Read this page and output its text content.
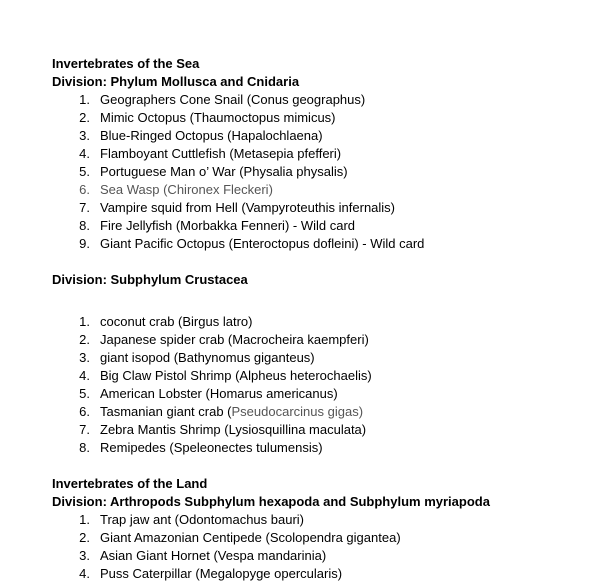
Invertebrates of the Sea
Division: Phylum Mollusca and Cnidaria
1. Geographers Cone Snail (Conus geographus)
2. Mimic Octopus (Thaumoctopus mimicus)
3. Blue-Ringed Octopus (Hapalochlaena)
4. Flamboyant Cuttlefish (Metasepia pfefferi)
5. Portuguese Man o’ War (Physalia physalis)
6. Sea Wasp (Chironex Fleckeri)
7. Vampire squid from Hell (Vampyroteuthis infernalis)
8. Fire Jellyfish (Morbakka Fenneri) - Wild card
9. Giant Pacific Octopus (Enteroctopus dofleini) - Wild card
Division: Subphylum Crustacea
1. coconut crab (Birgus latro)
2. Japanese spider crab (Macrocheira kaempferi)
3. giant isopod (Bathynomus giganteus)
4. Big Claw Pistol Shrimp (Alpheus heterochaelis)
5. American Lobster (Homarus americanus)
6. Tasmanian giant crab (Pseudocarcinus gigas)
7. Zebra Mantis Shrimp (Lysiosquillina maculata)
8. Remipedes (Speleonectes tulumensis)
Invertebrates of the Land
Division: Arthropods Subphylum hexapoda and Subphylum myriapoda
1. Trap jaw ant (Odontomachus bauri)
2. Giant Amazonian Centipede (Scolopendra gigantea)
3. Asian Giant Hornet (Vespa mandarinia)
4. Puss Caterpillar (Megalopyge opercularis)
